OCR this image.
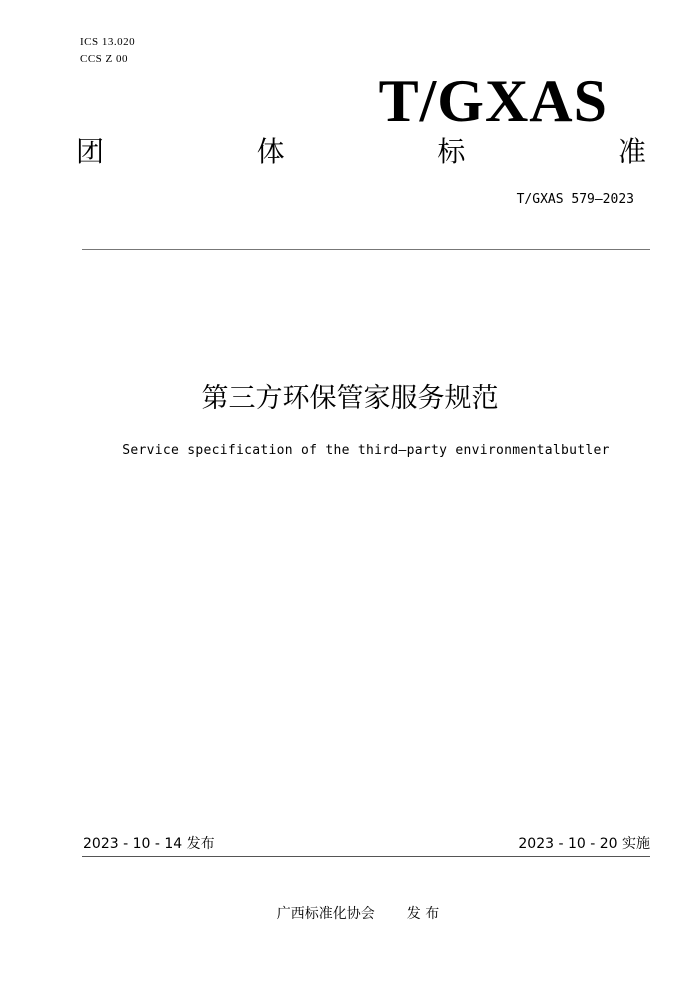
ICS 13.020
CCS Z 00
T/GXAS
团	体	标	准
T/GXAS 579—2023
第三方环保管家服务规范
Service specification of the third—party environmentalbutler
2023 - 10 - 14 发布	2023 - 10 - 20 实施
广西标准化协会 发 布
